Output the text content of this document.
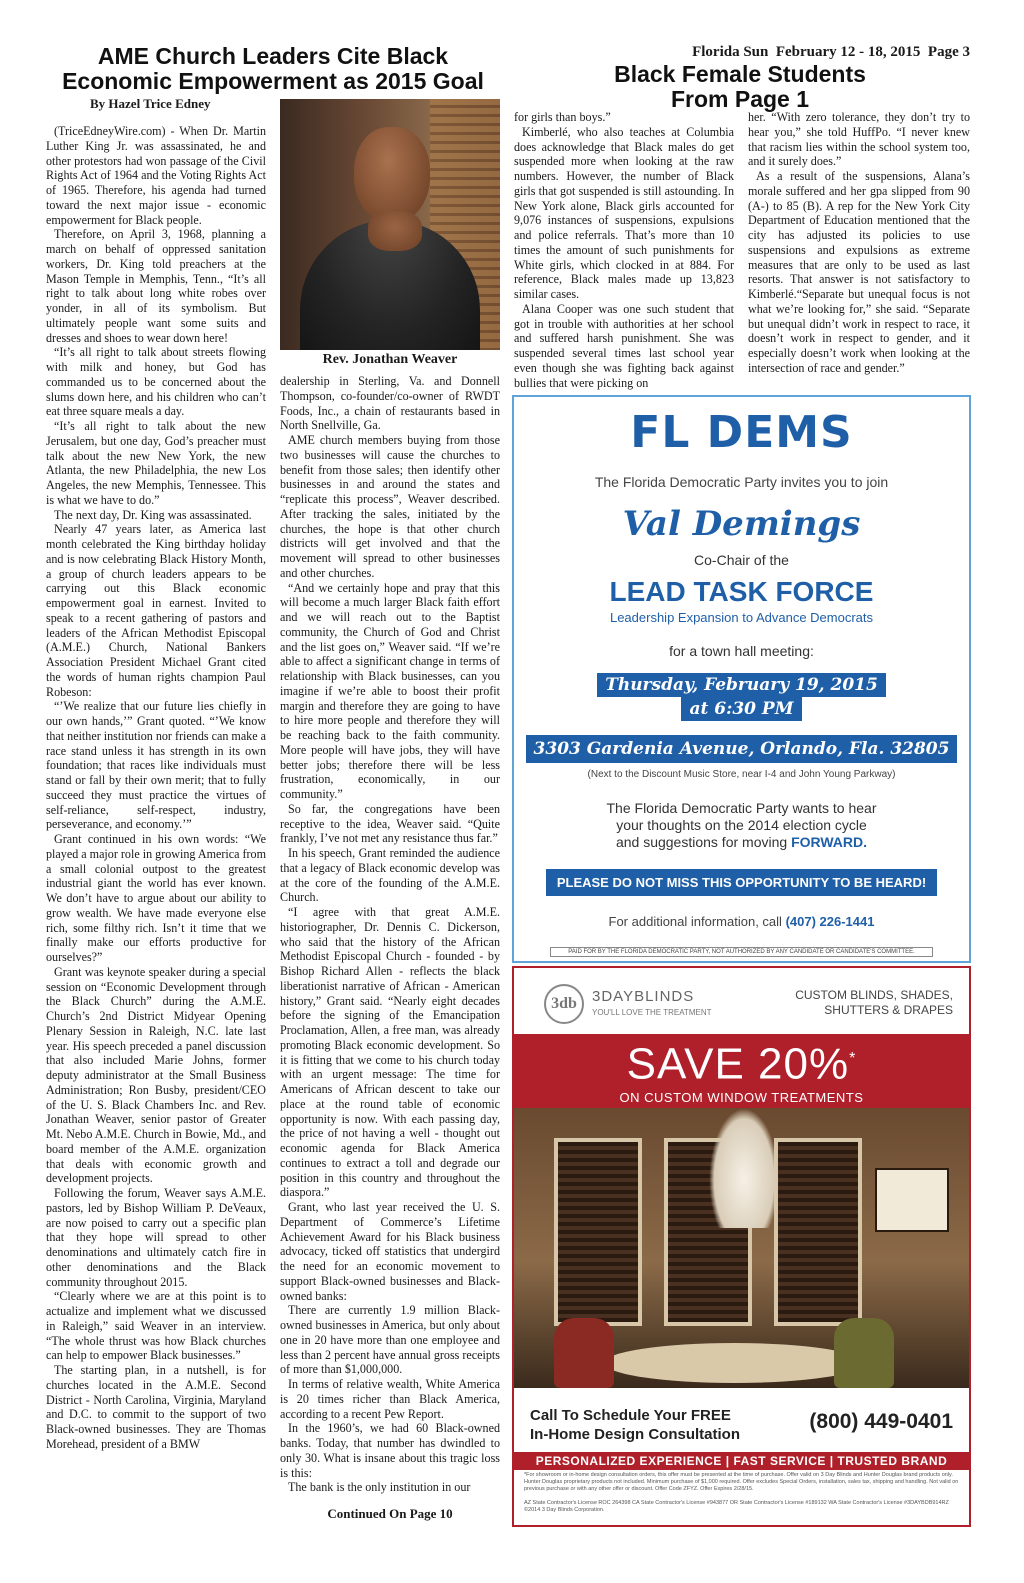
AME Church Leaders Cite Black Economic Empowerment as 2015 Goal
Florida Sun  February 12 - 18, 2015  Page 3
Black Female Students From Page 1
By Hazel Trice Edney
Rev. Jonathan Weaver

(TriceEdneyWire.com) - When Dr. Martin Luther King Jr. was assassinated, he and other protestors had won passage of the Civil Rights Act of 1964 and the Voting Rights Act of 1965. Therefore, his agenda had turned toward the next major issue - economic empowerment for Black people.

Therefore, on April 3, 1968, planning a march on behalf of oppressed sanitation workers, Dr. King told preachers at the Mason Temple in Memphis, Tenn., “It’s all right to talk about long white robes over yonder, in all of its symbolism. But ultimately people want some suits and dresses and shoes to wear down here!

“It’s all right to talk about streets flowing with milk and honey, but God has commanded us to be concerned about the slums down here, and his children who can’t eat three square meals a day.

“It’s all right to talk about the new Jerusalem, but one day, God’s preacher must talk about the new New York, the new Atlanta, the new Philadelphia, the new Los Angeles, the new Memphis, Tennessee. This is what we have to do.”

The next day, Dr. King was assassinated.

Nearly 47 years later, as America last month celebrated the King birthday holiday and is now celebrating Black History Month, a group of church leaders appears to be carrying out this Black economic empowerment goal in earnest. Invited to speak to a recent gathering of pastors and leaders of the African Methodist Episcopal (A.M.E.) Church, National Bankers Association President Michael Grant cited the words of human rights champion Paul Robeson:

“’We realize that our future lies chiefly in our own hands,’” Grant quoted. “’We know that neither institution nor friends can make a race stand unless it has strength in its own foundation; that races like individuals must stand or fall by their own merit; that to fully succeed they must practice the virtues of self-reliance, self-respect, industry, perseverance, and economy.’”

Grant continued in his own words: “We played a major role in growing America from a small colonial outpost to the greatest industrial giant the world has ever known. We don’t have to argue about our ability to grow wealth. We have made everyone else rich, some filthy rich. Isn’t it time that we finally make our efforts productive for ourselves?”

Grant was keynote speaker during a special session on “Economic Development through the Black Church” during the A.M.E. Church’s 2nd District Midyear Opening Plenary Session in Raleigh, N.C. late last year. His speech preceded a panel discussion that also included Marie Johns, former deputy administrator at the Small Business Administration; Ron Busby, president/CEO of the U. S. Black Chambers Inc. and Rev. Jonathan Weaver, senior pastor of Greater Mt. Nebo A.M.E. Church in Bowie, Md., and board member of the A.M.E. organization that deals with economic growth and development projects.

Following the forum, Weaver says A.M.E. pastors, led by Bishop William P. DeVeaux, are now poised to carry out a specific plan that they hope will spread to other denominations and ultimately catch fire in other denominations and the Black community throughout 2015.

“Clearly where we are at this point is to actualize and implement what we discussed in Raleigh,” said Weaver in an interview. “The whole thrust was how Black churches can help to empower Black businesses.”

The starting plan, in a nutshell, is for churches located in the A.M.E. Second District - North Carolina, Virginia, Maryland and D.C. to commit to the support of two Black-owned businesses. They are Thomas Morehead, president of a BMW

dealership in Sterling, Va. and Donnell Thompson, co-founder/co-owner of RWDT Foods, Inc., a chain of restaurants based in North Snellville, Ga.

AME church members buying from those two businesses will cause the churches to benefit from those sales; then identify other businesses in and around the states and “replicate this process”, Weaver described. After tracking the sales, initiated by the churches, the hope is that other church districts will get involved and that the movement will spread to other businesses and other churches.

“And we certainly hope and pray that this will become a much larger Black faith effort and we will reach out to the Baptist community, the Church of God and Christ and the list goes on,” Weaver said. “If we’re able to affect a significant change in terms of relationship with Black businesses, can you imagine if we’re able to boost their profit margin and therefore they are going to have to hire more people and therefore they will be reaching back to the faith community. More people will have jobs, they will have better jobs; therefore there will be less frustration, economically, in our community.”

So far, the congregations have been receptive to the idea, Weaver said. “Quite frankly, I’ve not met any resistance thus far.”

In his speech, Grant reminded the audience that a legacy of Black economic develop was at the core of the founding of the A.M.E. Church.

“I agree with that great A.M.E. historiographer, Dr. Dennis C. Dickerson, who said that the history of the African Methodist Episcopal Church - founded - by Bishop Richard Allen - reflects the black liberationist narrative of African - American history,” Grant said. “Nearly eight decades before the signing of the Emancipation Proclamation, Allen, a free man, was already promoting Black economic development. So it is fitting that we come to his church today with an urgent message: The time for Americans of African descent to take our place at the round table of economic opportunity is now. With each passing day, the price of not having a well - thought out economic agenda for Black America continues to extract a toll and degrade our position in this country and throughout the diaspora.”

Grant, who last year received the U. S. Department of Commerce’s Lifetime Achievement Award for his Black business advocacy, ticked off statistics that undergird the need for an economic movement to support Black-owned businesses and Black-owned banks:

There are currently 1.9 million Black-owned businesses in America, but only about one in 20 have more than one employee and less than 2 percent have annual gross receipts of more than $1,000,000.

In terms of relative wealth, White America is 20 times richer than Black America, according to a recent Pew Report.

In the 1960’s, we had 60 Black-owned banks. Today, that number has dwindled to only 30. What is insane about this tragic loss is this:

The bank is the only institution in our

Continued On Page 10

for girls than boys.”

Kimberlé, who also teaches at Columbia does acknowledge that Black males do get suspended more when looking at the raw numbers. However, the number of Black girls that got suspended is still astounding. In New York alone, Black girls accounted for 9,076 instances of suspensions, expulsions and police referrals. That’s more than 10 times the amount of such punishments for White girls, which clocked in at 884. For reference, Black males made up 13,823 similar cases.

Alana Cooper was one such student that got in trouble with authorities at her school and suffered harsh punishment. She was suspended several times last school year even though she was fighting back against bullies that were picking on

her. “With zero tolerance, they don’t try to hear you,” she told HuffPo. “I never knew that racism lies within the school system too, and it surely does.”

As a result of the suspensions, Alana’s morale suffered and her gpa slipped from 90 (A-) to 85 (B). A rep for the New York City Department of Education mentioned that the city has adjusted its policies to use suspensions and expulsions as extreme measures that are only to be used as last resorts. That answer is not satisfactory to Kimberlé.“Separate but unequal focus is not what we’re looking for,” she said. “Separate but unequal didn’t work in respect to race, it doesn’t work in respect to gender, and it especially doesn’t work when looking at the intersection of race and gender.”

FL DEMS
The Florida Democratic Party invites you to join
Val Demings
Co-Chair of the
LEAD TASK FORCE
Leadership Expansion to Advance Democrats
for a town hall meeting:
Thursday, February 19, 2015
at 6:30 PM
3303 Gardenia Avenue, Orlando, Fla. 32805
(Next to the Discount Music Store, near I-4 and John Young Parkway)
The Florida Democratic Party wants to hear
your thoughts on the 2014 election cycle
and suggestions for moving FORWARD.
PLEASE DO NOT MISS THIS OPPORTUNITY TO BE HEARD!
For additional information, call (407) 226-1441
PAID FOR BY THE FLORIDA DEMOCRATIC PARTY, NOT AUTHORIZED BY ANY CANDIDATE OR CANDIDATE'S COMMITTEE.
3db	3DAYBLINDS
YOU'LL LOVE THE TREATMENT
CUSTOM BLINDS, SHADES,
SHUTTERS & DRAPES
SAVE 20%*
ON CUSTOM WINDOW TREATMENTS
Call To Schedule Your FREE
In-Home Design Consultation
(800) 449-0401
PERSONALIZED EXPERIENCE | FAST SERVICE | TRUSTED BRAND
*For showroom or in-home design consultation orders, this offer must be presented at the time of purchase. Offer valid on 3 Day Blinds and Hunter Douglas brand products only. Hunter Douglas proprietary products not included. Minimum purchase of $1,000 required. Offer excludes Special Orders, installation, sales tax, shipping and handling. Not valid on previous purchase or with any other offer or discount. Offer Code ZFYZ. Offer Expires 2/28/15.
AZ State Contractor's License ROC 264398 CA State Contractor's License #943877 OR State Contractor's License #189132 WA State Contractor's License #3DAYBDB914RZ ©2014 3 Day Blinds Corporation.
